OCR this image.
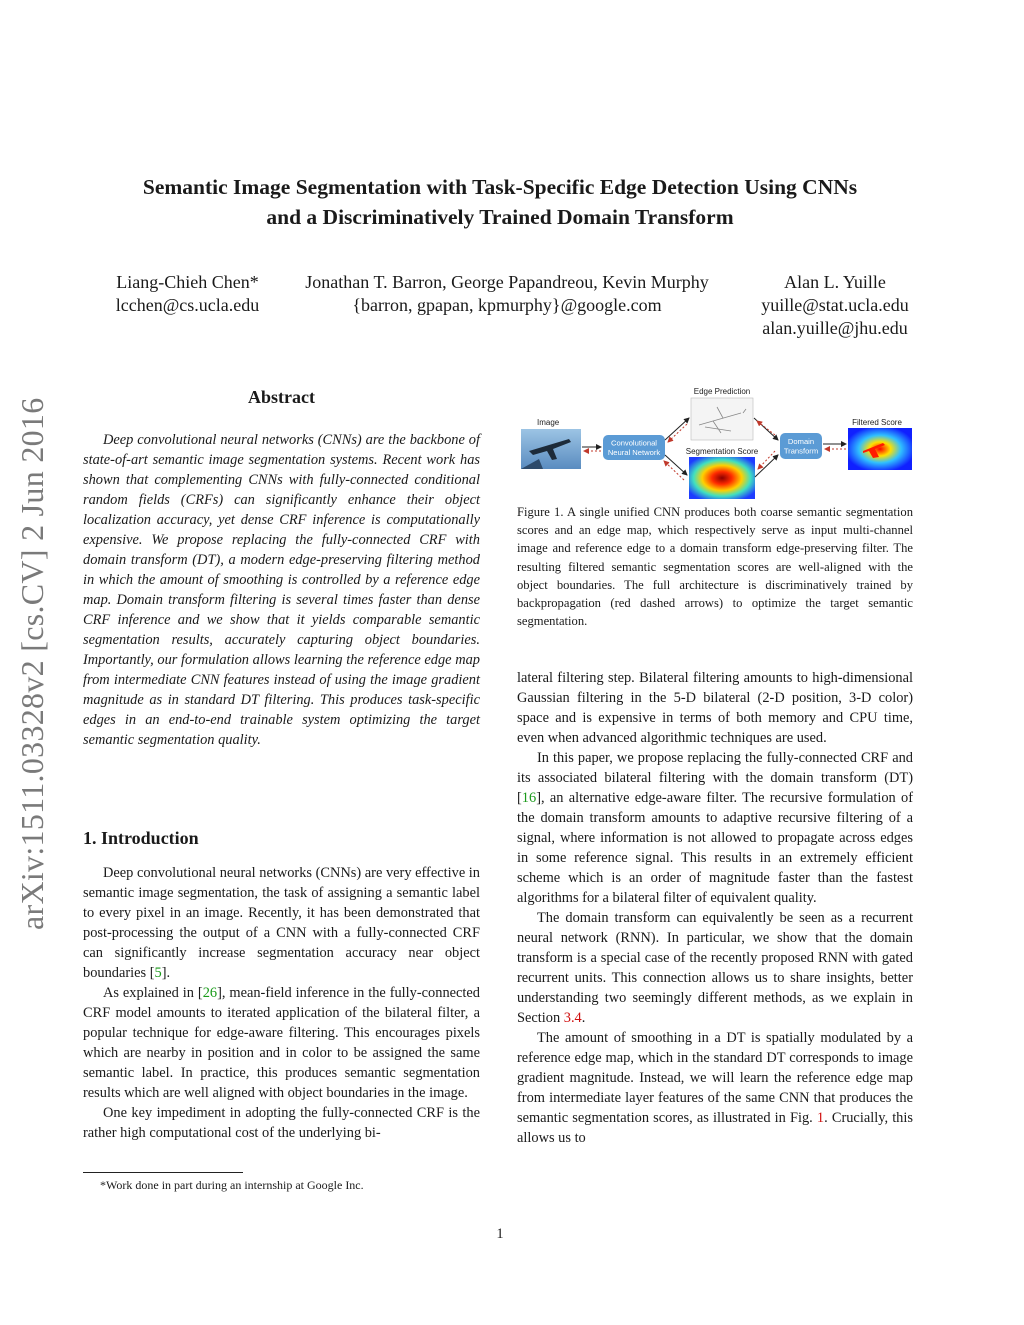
arXiv:1511.03328v2 [cs.CV] 2 Jun 2016
Semantic Image Segmentation with Task-Specific Edge Detection Using CNNs
and a Discriminatively Trained Domain Transform
Liang-Chieh Chen*
lcchen@cs.ucla.edu
Jonathan T. Barron, George Papandreou, Kevin Murphy
{barron, gpapan, kpmurphy}@google.com
Alan L. Yuille
yuille@stat.ucla.edu
alan.yuille@jhu.edu
Abstract

Deep convolutional neural networks (CNNs) are the backbone of state-of-art semantic image segmentation systems. Recent work has shown that complementing CNNs with fully-connected conditional random fields (CRFs) can significantly enhance their object localization accuracy, yet dense CRF inference is computationally expensive. We propose replacing the fully-connected CRF with domain transform (DT), a modern edge-preserving filtering method in which the amount of smoothing is controlled by a reference edge map. Domain transform filtering is several times faster than dense CRF inference and we show that it yields comparable semantic segmentation results, accurately capturing object boundaries. Importantly, our formulation allows learning the reference edge map from intermediate CNN features instead of using the image gradient magnitude as in standard DT filtering. This produces task-specific edges in an end-to-end trainable system optimizing the target semantic segmentation quality.

1. Introduction

Deep convolutional neural networks (CNNs) are very effective in semantic image segmentation, the task of assigning a semantic label to every pixel in an image. Recently, it has been demonstrated that post-processing the output of a CNN with a fully-connected CRF can significantly increase segmentation accuracy near object boundaries [5].

As explained in [26], mean-field inference in the fully-connected CRF model amounts to iterated application of the bilateral filter, a popular technique for edge-aware filtering. This encourages pixels which are nearby in position and in color to be assigned the same semantic label. In practice, this produces semantic segmentation results which are well aligned with object boundaries in the image.

One key impediment in adopting the fully-connected CRF is the rather high computational cost of the underlying bi-

*Work done in part during an internship at Google Inc.
Image
Convolutional
Neural Network
Edge Prediction
Segmentation Score
Domain
Transform
Filtered Score
Figure 1. A single unified CNN produces both coarse semantic segmentation scores and an edge map, which respectively serve as input multi-channel image and reference edge to a domain transform edge-preserving filter. The resulting filtered semantic segmentation scores are well-aligned with the object boundaries. The full architecture is discriminatively trained by backpropagation (red dashed arrows) to optimize the target semantic segmentation.

lateral filtering step. Bilateral filtering amounts to high-dimensional Gaussian filtering in the 5-D bilateral (2-D position, 3-D color) space and is expensive in terms of both memory and CPU time, even when advanced algorithmic techniques are used.

In this paper, we propose replacing the fully-connected CRF and its associated bilateral filtering with the domain transform (DT) [16], an alternative edge-aware filter. The recursive formulation of the domain transform amounts to adaptive recursive filtering of a signal, where information is not allowed to propagate across edges in some reference signal. This results in an extremely efficient scheme which is an order of magnitude faster than the fastest algorithms for a bilateral filter of equivalent quality.

The domain transform can equivalently be seen as a recurrent neural network (RNN). In particular, we show that the domain transform is a special case of the recently proposed RNN with gated recurrent units. This connection allows us to share insights, better understanding two seemingly different methods, as we explain in Section 3.4.

The amount of smoothing in a DT is spatially modulated by a reference edge map, which in the standard DT corresponds to image gradient magnitude. Instead, we will learn the reference edge map from intermediate layer features of the same CNN that produces the semantic segmentation scores, as illustrated in Fig. 1. Crucially, this allows us to

1
